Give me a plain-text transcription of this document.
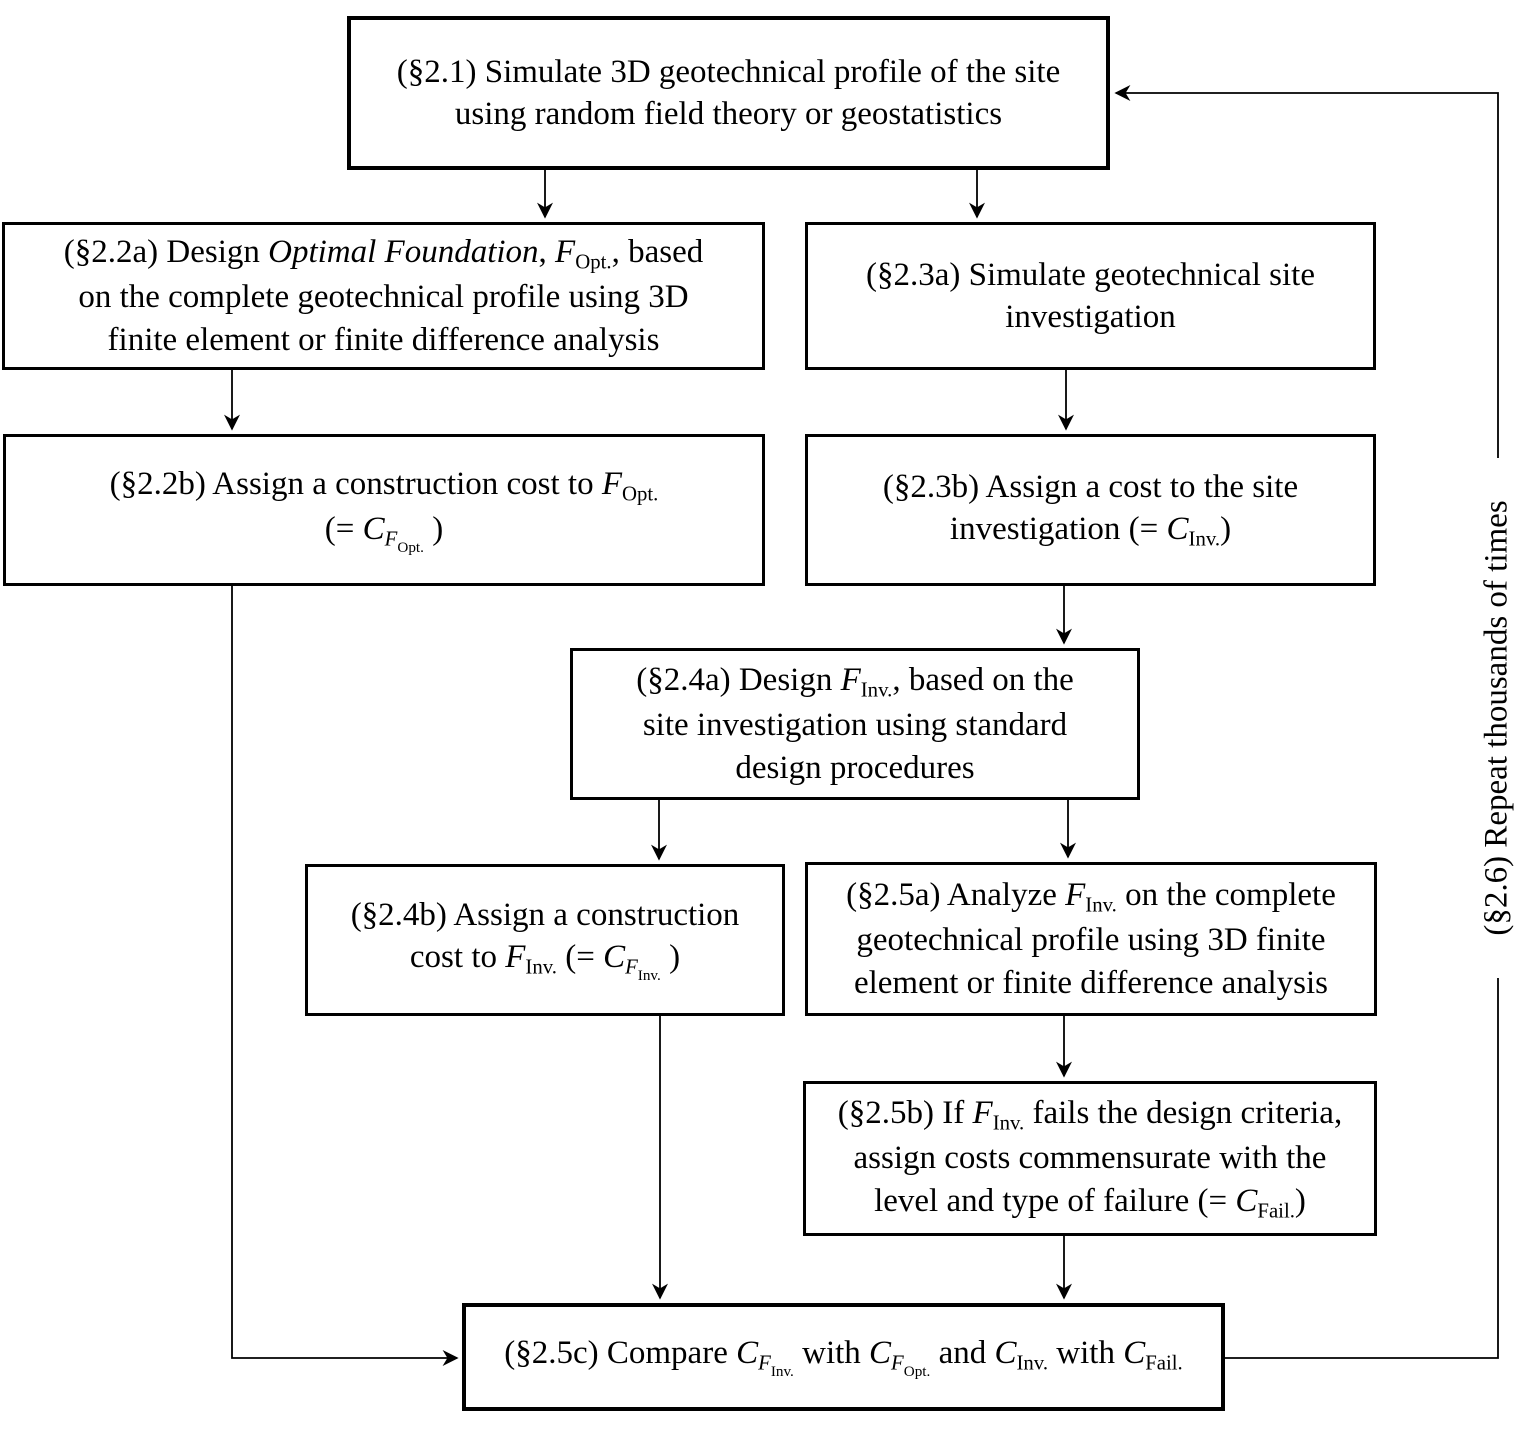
(§2.1) Simulate 3D geotechnical profile of the site
using random field theory or geostatistics
(§2.2a) Design Optimal Foundation, $F_{Opt.}$, based
on the complete geotechnical profile using 3D
finite element or finite difference analysis
(§2.3a) Simulate geotechnical site
investigation
(§2.2b) Assign a construction cost to $F_{Opt.}$
(= $C_{FOpt.}$ )
(§2.3b) Assign a cost to the site
investigation (= $C_{Inv.}$)
(§2.4a) Design $F_{Inv.}$, based on the
site investigation using standard
design procedures
(§2.4b) Assign a construction
cost to $F_{Inv.}$ (= $C_{FInv.}$ )
(§2.5a) Analyze $F_{Inv.}$ on the complete
geotechnical profile using 3D finite
element or finite difference analysis
(§2.5b) If $F_{Inv.}$ fails the design criteria,
assign costs commensurate with the
level and type of failure (= $C_{Fail.}$)
(§2.5c) Compare $C_{FInv.}$ with $C_{FOpt.}$ and $C_{Inv.}$ with $C_{Fail.}$
(§2.6) Repeat thousands of times
